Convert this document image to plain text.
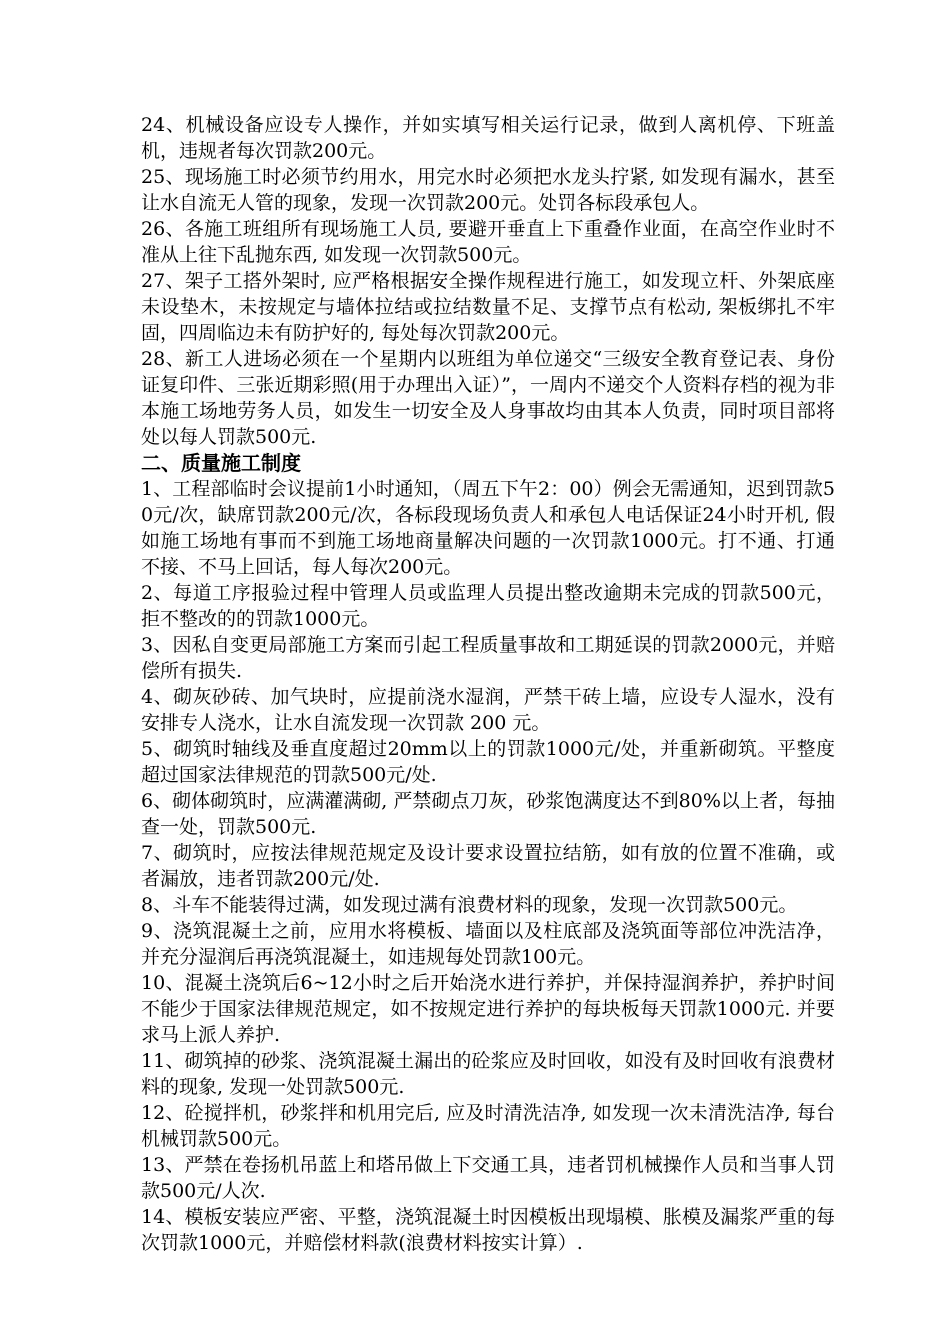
24、机械设备应设专人操作，并如实填写相关运行记录，做到人离机停、下班盖机，违规者每次罚款200元。

25、现场施工时必须节约用水，用完水时必须把水龙头拧紧, 如发现有漏水，甚至让水自流无人管的现象，发现一次罚款200元。处罚各标段承包人。

26、各施工班组所有现场施工人员, 要避开垂直上下重叠作业面，在高空作业时不准从上往下乱抛东西, 如发现一次罚款500元。

27、架子工搭外架时, 应严格根据安全操作规程进行施工，如发现立杆、外架底座未设垫木，未按规定与墙体拉结或拉结数量不足、支撑节点有松动, 架板绑扎不牢固，四周临边未有防护好的, 每处每次罚款200元。

28、新工人进场必须在一个星期内以班组为单位递交“三级安全教育登记表、身份证复印件、三张近期彩照(用于办理出入证）”，一周内不递交个人资料存档的视为非本施工场地劳务人员，如发生一切安全及人身事故均由其本人负责，同时项目部将处以每人罚款500元.

二、质量施工制度

1、工程部临时会议提前1小时通知，（周五下午2：00）例会无需通知，迟到罚款50元/次，缺席罚款200元/次，各标段现场负责人和承包人电话保证24小时开机, 假如施工场地有事而不到施工场地商量解决问题的一次罚款1000元。打不通、打通不接、不马上回话，每人每次200元。

2、每道工序报验过程中管理人员或监理人员提出整改逾期未完成的罚款500元，拒不整改的的罚款1000元。

3、因私自变更局部施工方案而引起工程质量事故和工期延误的罚款2000元，并赔偿所有损失.

4、砌灰砂砖、加气块时，应提前浇水湿润，严禁干砖上墙，应设专人湿水，没有安排专人浇水，让水自流发现一次罚款 200 元。

5、砌筑时轴线及垂直度超过20mm以上的罚款1000元/处，并重新砌筑。平整度超过国家法律规范的罚款500元/处.

6、砌体砌筑时，应满灌满砌, 严禁砌点刀灰，砂浆饱满度达不到80%以上者，每抽查一处，罚款500元.

7、砌筑时，应按法律规范规定及设计要求设置拉结筋，如有放的位置不准确，或者漏放，违者罚款200元/处.

8、斗车不能装得过满，如发现过满有浪费材料的现象，发现一次罚款500元。

9、浇筑混凝土之前，应用水将模板、墙面以及柱底部及浇筑面等部位冲洗洁净，并充分湿润后再浇筑混凝土，如违规每处罚款100元。

10、混凝土浇筑后6~12小时之后开始浇水进行养护，并保持湿润养护，养护时间不能少于国家法律规范规定，如不按规定进行养护的每块板每天罚款1000元. 并要求马上派人养护.

11、砌筑掉的砂浆、浇筑混凝土漏出的砼浆应及时回收，如没有及时回收有浪费材料的现象, 发现一处罚款500元.

12、砼搅拌机，砂浆拌和机用完后, 应及时清洗洁净, 如发现一次未清洗洁净, 每台机械罚款500元。

13、严禁在卷扬机吊蓝上和塔吊做上下交通工具，违者罚机械操作人员和当事人罚款500元/人次.

14、模板安装应严密、平整，浇筑混凝土时因模板出现塌模、胀模及漏浆严重的每次罚款1000元，并赔偿材料款(浪费材料按实计算）.
